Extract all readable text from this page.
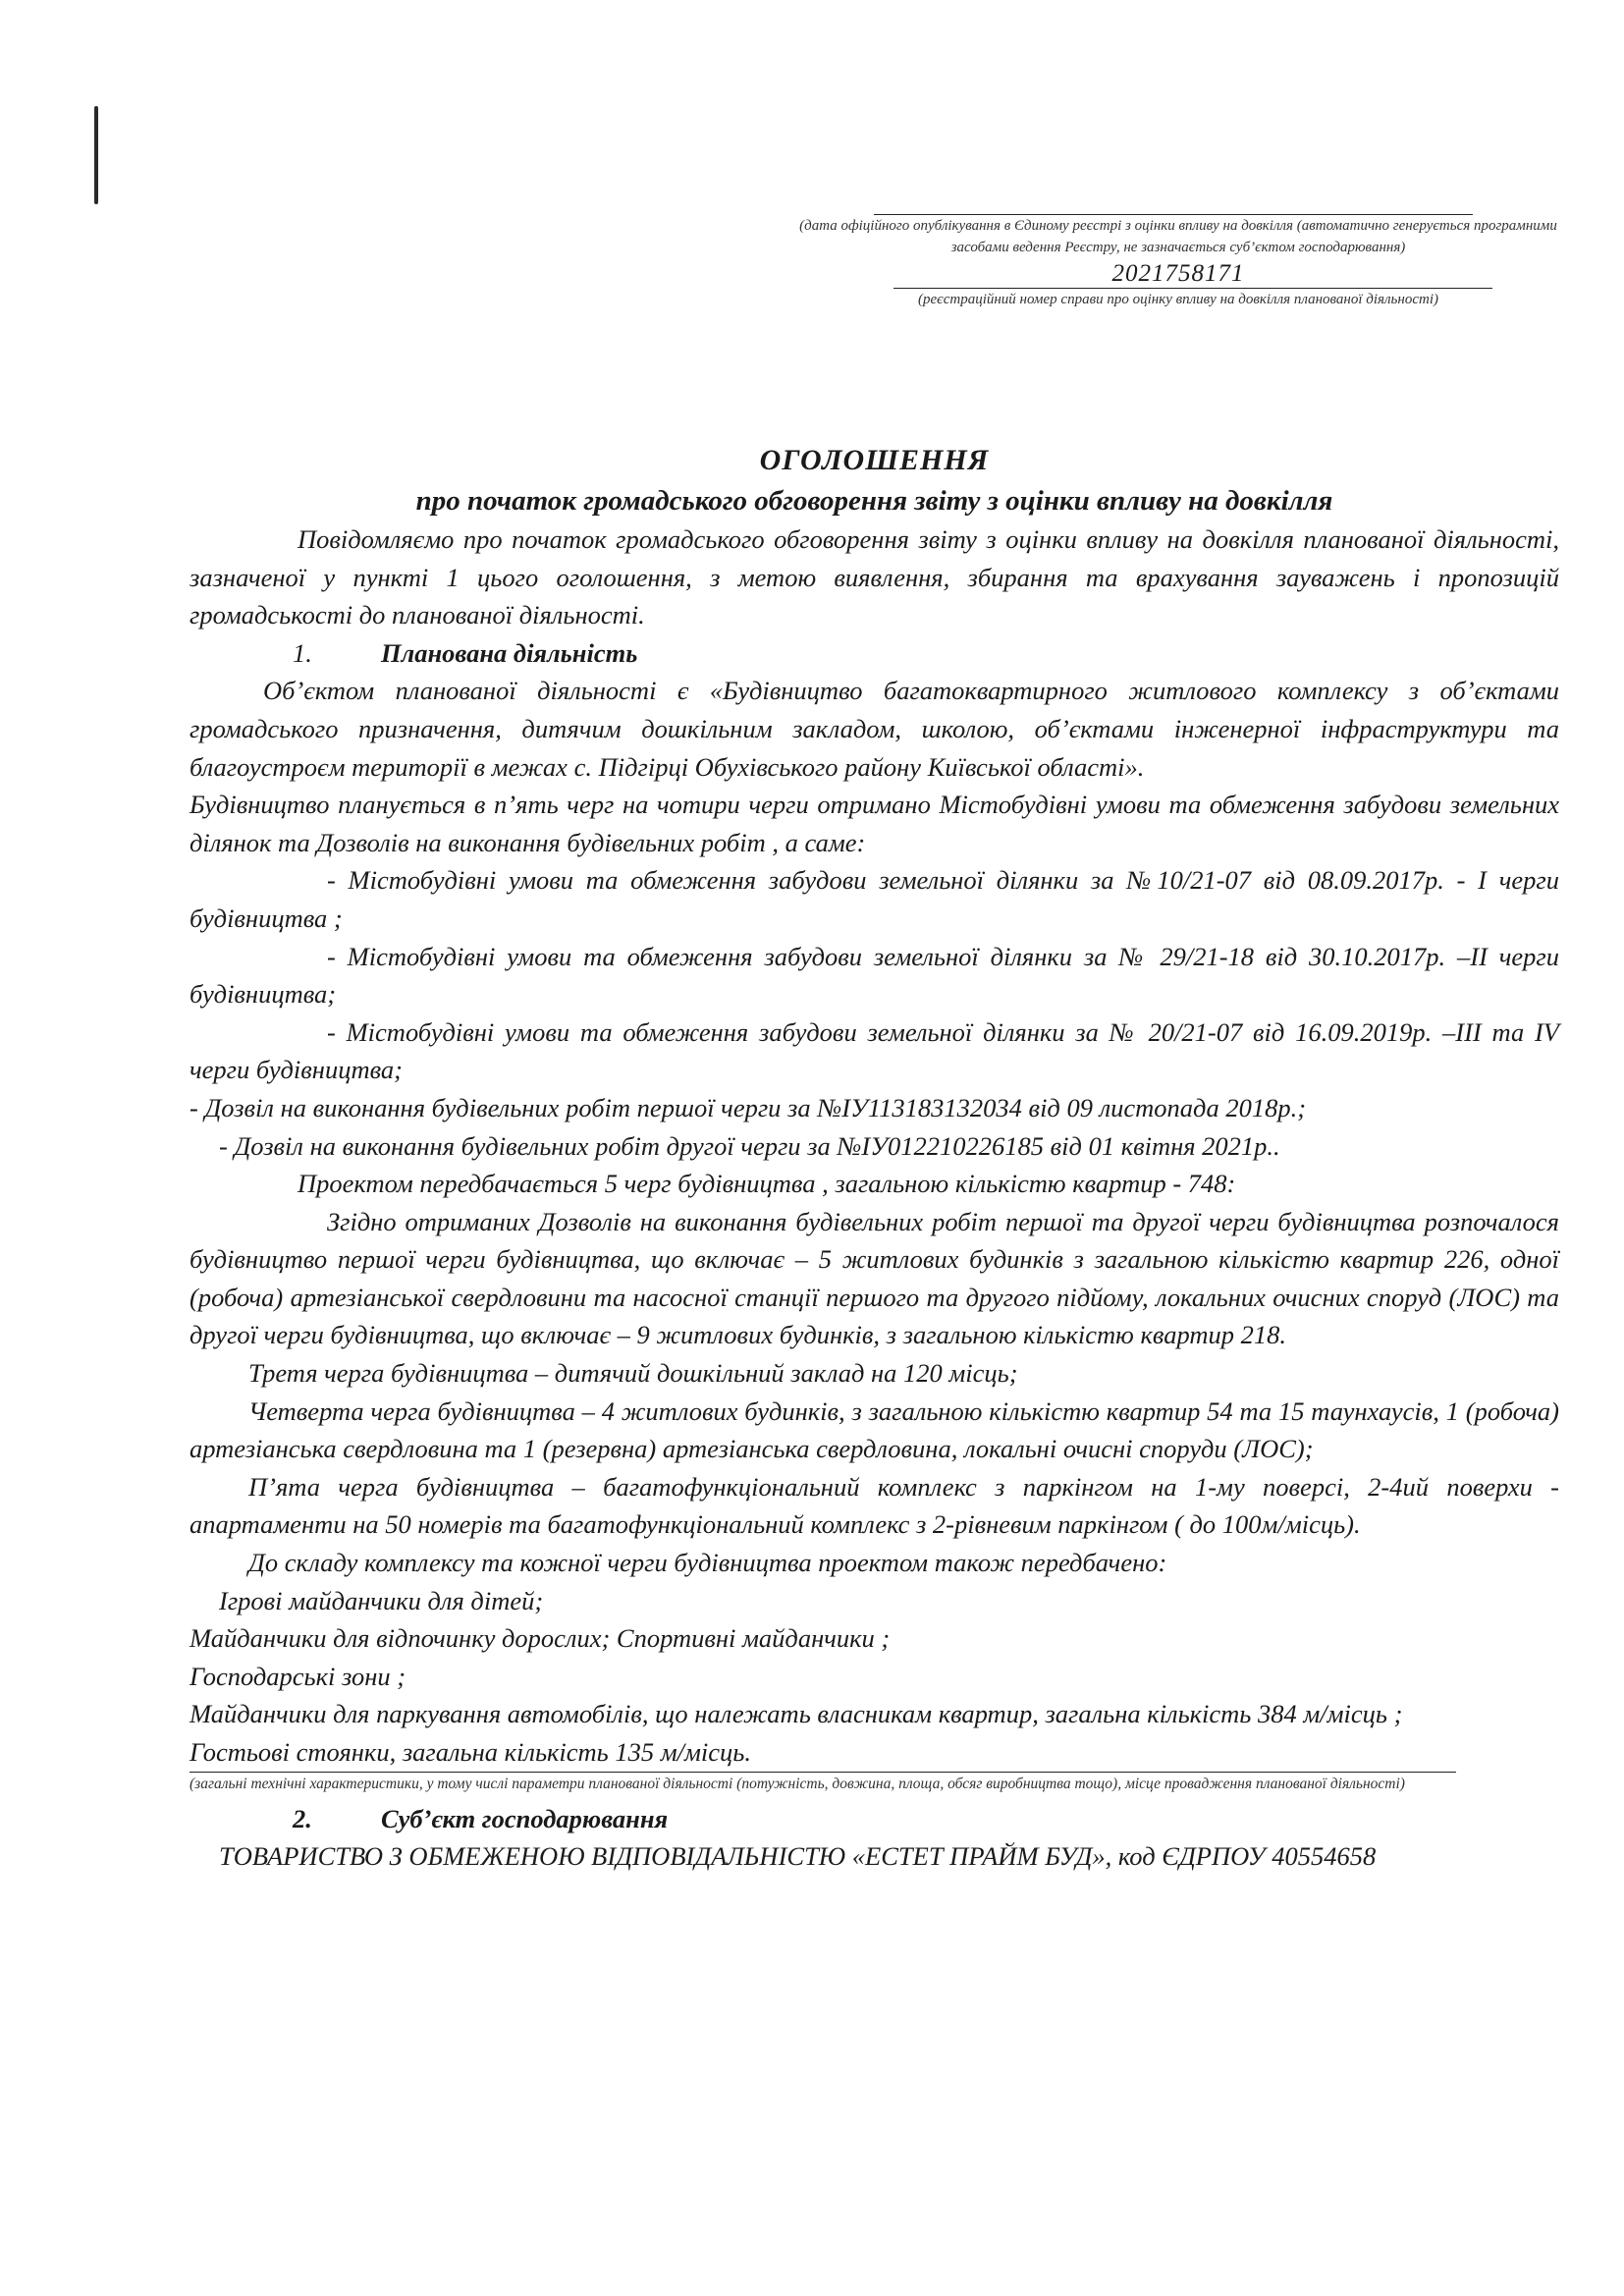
(дата офіційного опублікування в Єдиному реєстрі з оцінки впливу на довкілля (автоматично генерується програмними засобами ведення Реєстру, не зазначається суб’єктом господарювання)
2021758171
(реєстраційний номер справи про оцінку впливу на довкілля планованої діяльності)
ОГОЛОШЕННЯ
про початок громадського обговорення звіту з оцінки впливу на довкілля

Повідомляємо про початок громадського обговорення звіту з оцінки впливу на довкілля планованої діяльності, зазначеної у пункті 1 цього оголошення, з метою виявлення, збирання та врахування зауважень і пропозицій громадськості до планованої діяльності.

1.	Планована діяльність

Об’єктом планованої діяльності є «Будівництво багатоквартирного житлового комплексу з об’єктами громадського призначення, дитячим дошкільним закладом, школою, об’єктами інженерної інфраструктури та благоустроєм території в межах с. Підгірці Обухівського району Київської області».

Будівництво планується в п’ять черг на чотири черги отримано Містобудівні умови та обмеження забудови земельних ділянок та Дозволів на виконання будівельних робіт , а саме:

- Містобудівні умови та обмеження забудови земельної ділянки за №10/21-07 від 08.09.2017р. - І черги будівництва ;

- Містобудівні умови та обмеження забудови земельної ділянки за № 29/21-18 від 30.10.2017р. –ІІ черги будівництва;

- Містобудівні умови та обмеження забудови земельної ділянки за № 20/21-07 від 16.09.2019р. –ІІІ та ІV черги будівництва;

- Дозвіл на виконання будівельних робіт першої черги за №ІУ113183132034 від 09 листопада 2018р.;

- Дозвіл на виконання будівельних робіт другої черги за №ІУ012210226185 від 01 квітня 2021р..

Проектом передбачається 5 черг будівництва , загальною кількістю квартир - 748:

Згідно отриманих Дозволів на виконання будівельних робіт першої та другої черги будівництва розпочалося будівництво першої черги будівництва, що включає – 5 житлових будинків з загальною кількістю квартир 226, одної (робоча) артезіанської свердловини та насосної станції першого та другого підйому, локальних очисних споруд (ЛОС) та другої черги будівництва, що включає – 9 житлових будинків, з загальною кількістю квартир 218.

Третя черга будівництва – дитячий дошкільний заклад на 120 місць;

Четверта черга будівництва – 4 житлових будинків, з загальною кількістю квартир 54 та 15 таунхаусів, 1 (робоча) артезіанська свердловина та 1 (резервна) артезіанська свердловина, локальні очисні споруди (ЛОС);

П’ята черга будівництва – багатофункціональний комплекс з паркінгом на 1-му поверсі, 2-4ий поверхи - апартаменти на 50 номерів та багатофункціональний комплекс з 2-рівневим паркінгом ( до 100м/місць).

До складу комплексу та кожної черги будівництва проектом також передбачено:

Ігрові майданчики для дітей;

Майданчики для відпочинку дорослих; Спортивні майданчики ;

Господарські зони ;

Майданчики для паркування автомобілів, що належать власникам квартир, загальна кількість 384 м/місць ;

Гостьові стоянки, загальна кількість 135 м/місць.

(загальні технічні характеристики, у тому числі параметри планованої діяльності (потужність, довжина, площа, обсяг виробництва тощо), місце провадження планованої діяльності)
2.	Суб’єкт господарювання

ТОВАРИСТВО З ОБМЕЖЕНОЮ ВІДПОВІДАЛЬНІСТЮ «ЕСТЕТ ПРАЙМ БУД», код ЄДРПОУ 40554658
